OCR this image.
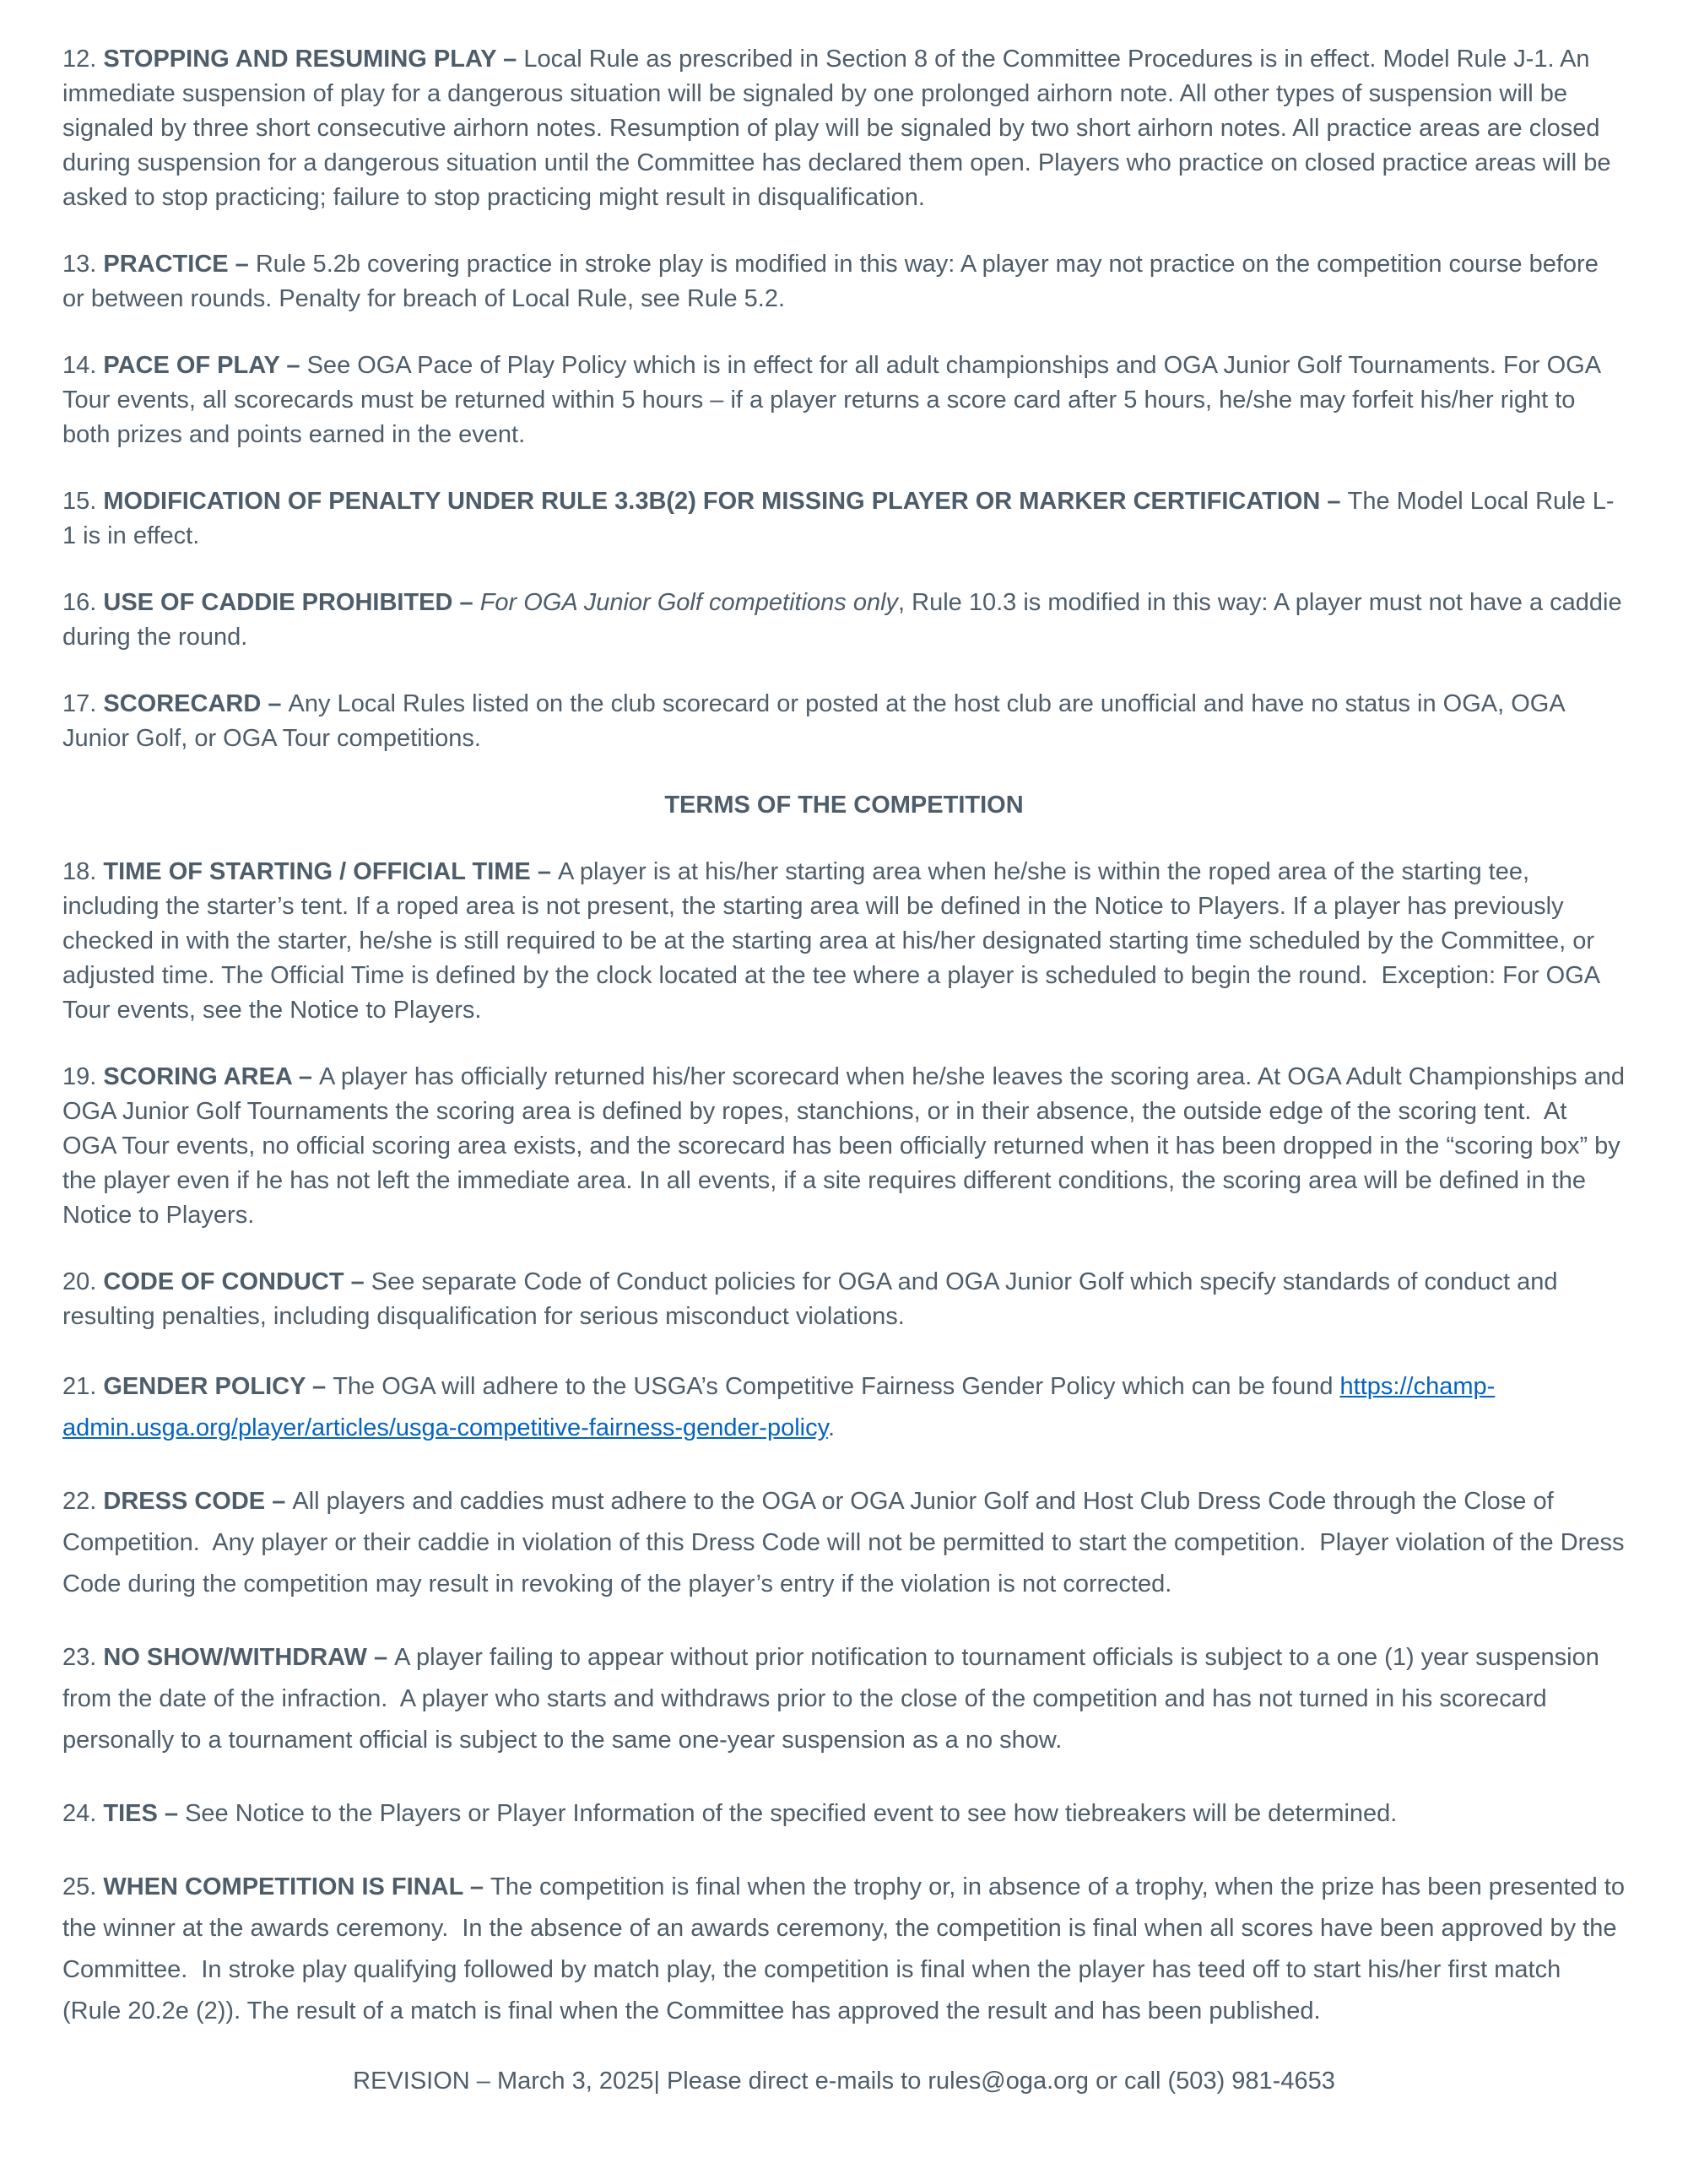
12. STOPPING AND RESUMING PLAY – Local Rule as prescribed in Section 8 of the Committee Procedures is in effect. Model Rule J-1. An immediate suspension of play for a dangerous situation will be signaled by one prolonged airhorn note. All other types of suspension will be signaled by three short consecutive airhorn notes. Resumption of play will be signaled by two short airhorn notes. All practice areas are closed during suspension for a dangerous situation until the Committee has declared them open. Players who practice on closed practice areas will be asked to stop practicing; failure to stop practicing might result in disqualification.

13. PRACTICE – Rule 5.2b covering practice in stroke play is modified in this way: A player may not practice on the competition course before or between rounds. Penalty for breach of Local Rule, see Rule 5.2.

14. PACE OF PLAY – See OGA Pace of Play Policy which is in effect for all adult championships and OGA Junior Golf Tournaments. For OGA Tour events, all scorecards must be returned within 5 hours – if a player returns a score card after 5 hours, he/she may forfeit his/her right to both prizes and points earned in the event.

15. MODIFICATION OF PENALTY UNDER RULE 3.3B(2) FOR MISSING PLAYER OR MARKER CERTIFICATION – The Model Local Rule L-1 is in effect.

16. USE OF CADDIE PROHIBITED – For OGA Junior Golf competitions only, Rule 10.3 is modified in this way: A player must not have a caddie during the round.

17. SCORECARD – Any Local Rules listed on the club scorecard or posted at the host club are unofficial and have no status in OGA, OGA Junior Golf, or OGA Tour competitions.

TERMS OF THE COMPETITION

18. TIME OF STARTING / OFFICIAL TIME – A player is at his/her starting area when he/she is within the roped area of the starting tee, including the starter’s tent. If a roped area is not present, the starting area will be defined in the Notice to Players. If a player has previously checked in with the starter, he/she is still required to be at the starting area at his/her designated starting time scheduled by the Committee, or adjusted time. The Official Time is defined by the clock located at the tee where a player is scheduled to begin the round.  Exception: For OGA Tour events, see the Notice to Players.

19. SCORING AREA – A player has officially returned his/her scorecard when he/she leaves the scoring area. At OGA Adult Championships and OGA Junior Golf Tournaments the scoring area is defined by ropes, stanchions, or in their absence, the outside edge of the scoring tent.  At OGA Tour events, no official scoring area exists, and the scorecard has been officially returned when it has been dropped in the “scoring box” by the player even if he has not left the immediate area. In all events, if a site requires different conditions, the scoring area will be defined in the Notice to Players.

20. CODE OF CONDUCT – See separate Code of Conduct policies for OGA and OGA Junior Golf which specify standards of conduct and resulting penalties, including disqualification for serious misconduct violations.

21. GENDER POLICY – The OGA will adhere to the USGA’s Competitive Fairness Gender Policy which can be found https://champ-admin.usga.org/player/articles/usga-competitive-fairness-gender-policy.

22. DRESS CODE – All players and caddies must adhere to the OGA or OGA Junior Golf and Host Club Dress Code through the Close of Competition.  Any player or their caddie in violation of this Dress Code will not be permitted to start the competition.  Player violation of the Dress Code during the competition may result in revoking of the player’s entry if the violation is not corrected.

23. NO SHOW/WITHDRAW – A player failing to appear without prior notification to tournament officials is subject to a one (1) year suspension from the date of the infraction.  A player who starts and withdraws prior to the close of the competition and has not turned in his scorecard personally to a tournament official is subject to the same one-year suspension as a no show.

24. TIES – See Notice to the Players or Player Information of the specified event to see how tiebreakers will be determined.

25. WHEN COMPETITION IS FINAL – The competition is final when the trophy or, in absence of a trophy, when the prize has been presented to the winner at the awards ceremony.  In the absence of an awards ceremony, the competition is final when all scores have been approved by the Committee.  In stroke play qualifying followed by match play, the competition is final when the player has teed off to start his/her first match (Rule 20.2e (2)). The result of a match is final when the Committee has approved the result and has been published.

REVISION – March 3, 2025| Please direct e-mails to rules@oga.org or call (503) 981-4653
